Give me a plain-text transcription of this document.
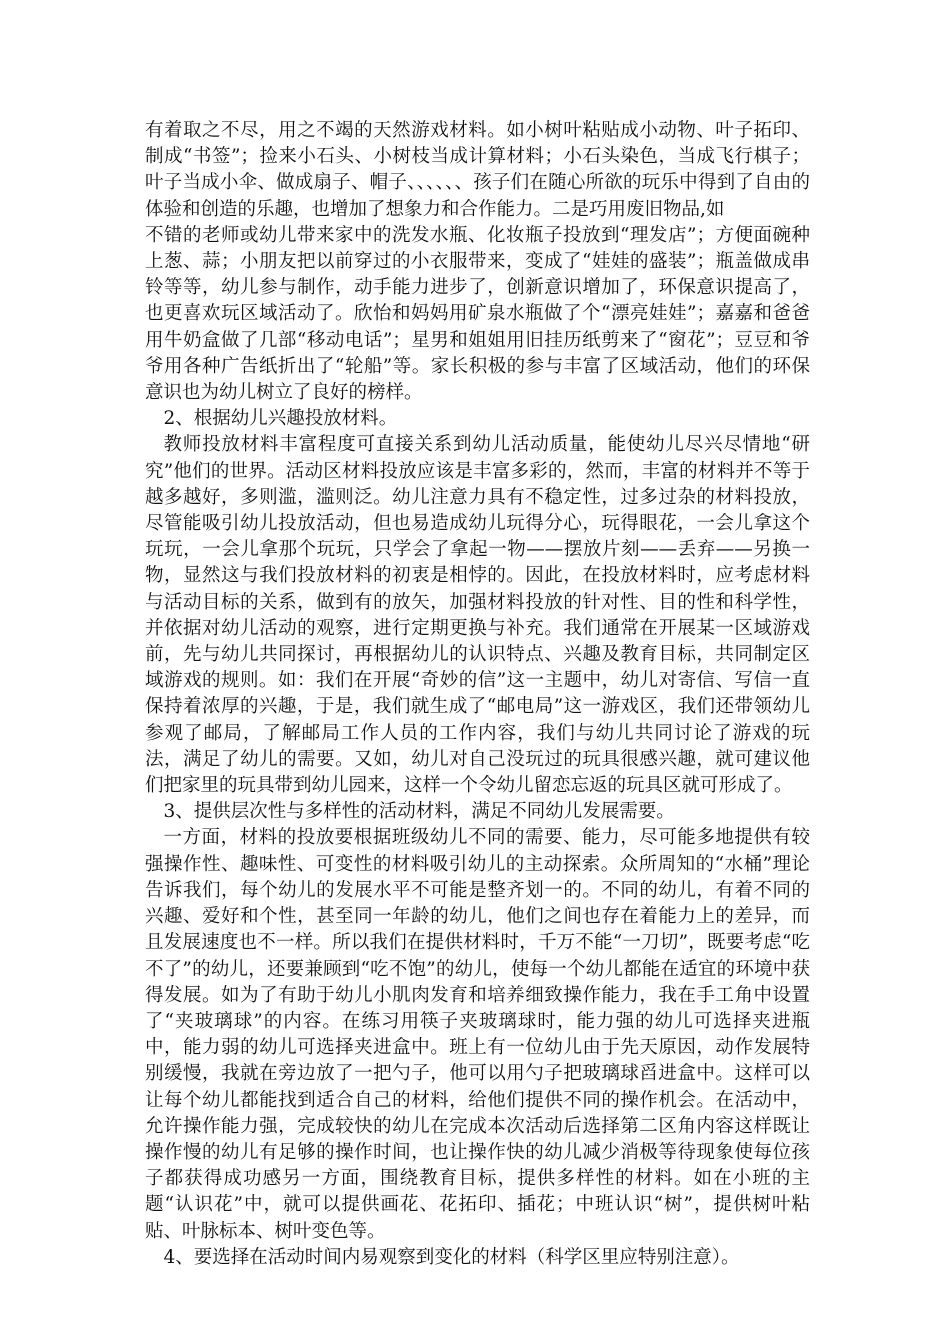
有着取之不尽，用之不竭的天然游戏材料。如小树叶粘贴成小动物、叶子拓印、制成“书签”；捡来小石头、小树枝当成计算材料；小石头染色，当成飞行棋子；叶子当成小伞、做成扇子、帽子、、、、、、孩子们在随心所欲的玩乐中得到了自由的体验和创造的乐趣，也增加了想象力和合作能力。二是巧用废旧物品,如

不错的老师或幼儿带来家中的洗发水瓶、化妆瓶子投放到“理发店”；方便面碗种上葱、蒜；小朋友把以前穿过的小衣服带来，变成了“娃娃的盛装”；瓶盖做成串铃等等，幼儿参与制作，动手能力进步了，创新意识增加了，环保意识提高了，也更喜欢玩区域活动了。欣怡和妈妈用矿泉水瓶做了个“漂亮娃娃”；嘉嘉和爸爸用牛奶盒做了几部“移动电话”；星男和姐姐用旧挂历纸剪来了“窗花”；豆豆和爷爷用各种广告纸折出了“轮船”等。家长积极的参与丰富了区域活动，他们的环保意识也为幼儿树立了良好的榜样。

2、根据幼儿兴趣投放材料。

教师投放材料丰富程度可直接关系到幼儿活动质量，能使幼儿尽兴尽情地“研究”他们的世界。活动区材料投放应该是丰富多彩的，然而，丰富的材料并不等于越多越好，多则滥，滥则泛。幼儿注意力具有不稳定性，过多过杂的材料投放，尽管能吸引幼儿投放活动，但也易造成幼儿玩得分心，玩得眼花，一会儿拿这个玩玩，一会儿拿那个玩玩，只学会了拿起一物——摆放片刻——丢弃——另换一物，显然这与我们投放材料的初衷是相悖的。因此，在投放材料时，应考虑材料与活动目标的关系，做到有的放矢，加强材料投放的针对性、目的性和科学性，并依据对幼儿活动的观察，进行定期更换与补充。我们通常在开展某一区域游戏前，先与幼儿共同探讨，再根据幼儿的认识特点、兴趣及教育目标，共同制定区域游戏的规则。如：我们在开展“奇妙的信”这一主题中，幼儿对寄信、写信一直保持着浓厚的兴趣，于是，我们就生成了“邮电局”这一游戏区，我们还带领幼儿参观了邮局，了解邮局工作人员的工作内容，我们与幼儿共同讨论了游戏的玩法，满足了幼儿的需要。又如，幼儿对自己没玩过的玩具很感兴趣，就可建议他们把家里的玩具带到幼儿园来，这样一个令幼儿留恋忘返的玩具区就可形成了。

3、提供层次性与多样性的活动材料，满足不同幼儿发展需要。

一方面，材料的投放要根据班级幼儿不同的需要、能力，尽可能多地提供有较强操作性、趣味性、可变性的材料吸引幼儿的主动探索。众所周知的“水桶”理论告诉我们，每个幼儿的发展水平不可能是整齐划一的。不同的幼儿，有着不同的兴趣、爱好和个性，甚至同一年龄的幼儿，他们之间也存在着能力上的差异，而且发展速度也不一样。所以我们在提供材料时，千万不能“一刀切”，既要考虑“吃不了”的幼儿，还要兼顾到“吃不饱”的幼儿，使每一个幼儿都能在适宜的环境中获得发展。如为了有助于幼儿小肌肉发育和培养细致操作能力，我在手工角中设置了“夹玻璃球”的内容。在练习用筷子夹玻璃球时，能力强的幼儿可选择夹进瓶中，能力弱的幼儿可选择夹进盒中。班上有一位幼儿由于先天原因，动作发展特别缓慢，我就在旁边放了一把勺子，他可以用勺子把玻璃球舀进盒中。这样可以让每个幼儿都能找到适合自己的材料，给他们提供不同的操作机会。在活动中，允许操作能力强，完成较快的幼儿在完成本次活动后选择第二区角内容这样既让操作慢的幼儿有足够的操作时间，也让操作快的幼儿减少消极等待现象使每位孩子都获得成功感另一方面，围绕教育目标，提供多样性的材料。如在小班的主题“认识花”中，就可以提供画花、花拓印、插花；中班认识“树”，提供树叶粘贴、叶脉标本、树叶变色等。

4、要选择在活动时间内易观察到变化的材料（科学区里应特别注意）。
